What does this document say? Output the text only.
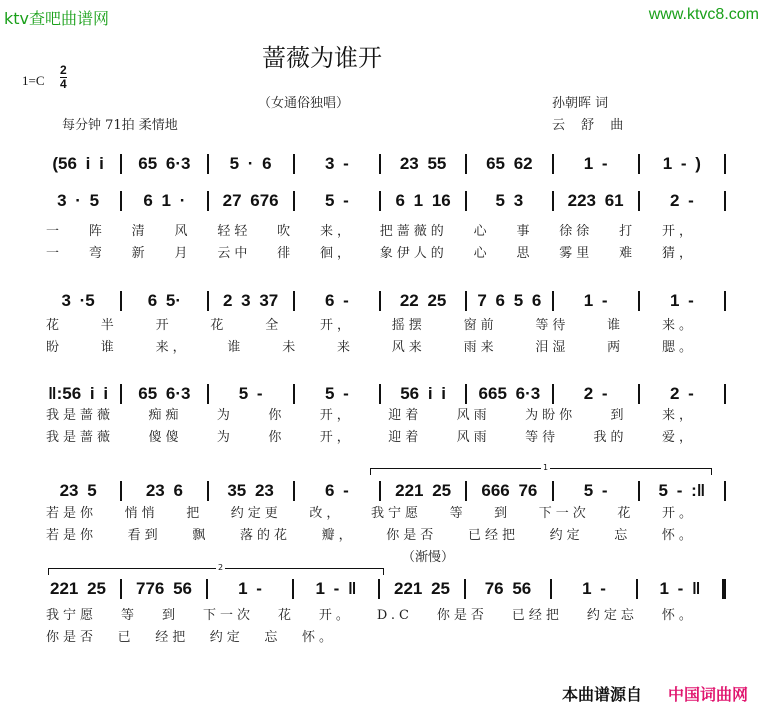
ktv查吧曲谱网	www.ktvc8.com
蔷薇为谁开
1=C
2
4
（女通俗独唱）	孙朝晖 词
每分钟 71拍 柔情地	云 舒 曲
(56 i i	65 6·3	5 · 6	3 -	23 55	65 62	1 -	1 - )
3 · 5	6 1 ·	27 676	5 -	6 1 16	5 3	223 61	2 -
一 阵 清 风 轻轻 吹 来， 把蔷薇的 心 事 徐徐 打 开，
一 弯 新 月 云中 徘 徊， 象伊人的 心 思 雾里 难 猜，
3 ·5	6 5·	2 3 37	6 -	22 25	7 6 5 6	1 -	1 -
花	半	开	花	全	开，	摇摆	窗前	等待	谁	来。
盼	谁	来，	谁	未	来	风来	雨来	泪湿	两	腮。
‖:56 i i	65 6·3	5 -	5 -	56 i i	665 6·3	2 -	2 -
我是蔷薇	痴痴	为	你	开，	迎着	风雨	为盼你	到	来，
我是蔷薇	傻傻	为	你	开，	迎着	风雨	等待	我的	爱，
23 5	23 6	35 23	6 -	221 25	666 76	5 -	5 - :‖
若是你 悄悄 把 约定更 改， 我宁愿 等 到 下一次 花 开。
若是你 看到 飘 落的花 瓣， 你是否 已经把 约定 忘 怀。
221 25	776 56	1 -	1 - ‖	221 25	76 56	1 -	1 - ‖
我宁愿 等 到 下一次 花 开。 D.C 你是否 已经把 约定忘 怀。
你是否 已 经把 约定 忘 怀。
1
2
（渐慢）
本曲谱源自 中国词曲网
